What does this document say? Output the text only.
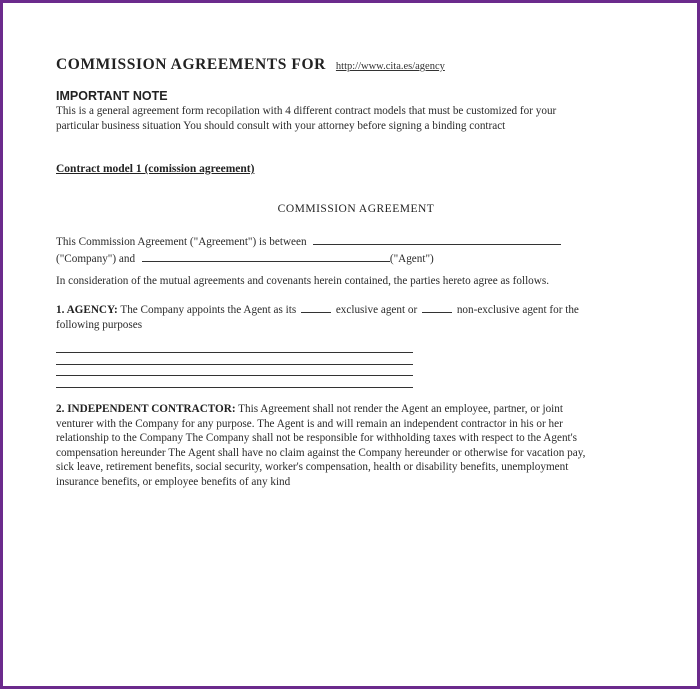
COMMISSION AGREEMENTS FOR http://www.cita.es/agency
IMPORTANT NOTE
This is a general agreement form recopilation with 4 different contract models that must be customized for your
particular business situation You should consult with your attorney before signing a binding contract
Contract model 1 (comission agreement)
COMMISSION AGREEMENT
This Commission Agreement ("Agreement") is between
("Company") and	("Agent")
In consideration of the mutual agreements and covenants herein contained, the parties hereto agree as follows.
1. AGENCY: The Company appoints the Agent as its	exclusive agent or	non-exclusive agent for the
following purposes
2. INDEPENDENT CONTRACTOR: This Agreement shall not render the Agent an employee, partner, or joint
venturer with the Company for any purpose. The Agent is and will remain an independent contractor in his or her
relationship to the Company The Company shall not be responsible for withholding taxes with respect to the Agent's
compensation hereunder The Agent shall have no claim against the Company hereunder or otherwise for vacation pay,
sick leave, retirement benefits, social security, worker's compensation, health or disability benefits, unemployment
insurance benefits, or employee benefits of any kind
